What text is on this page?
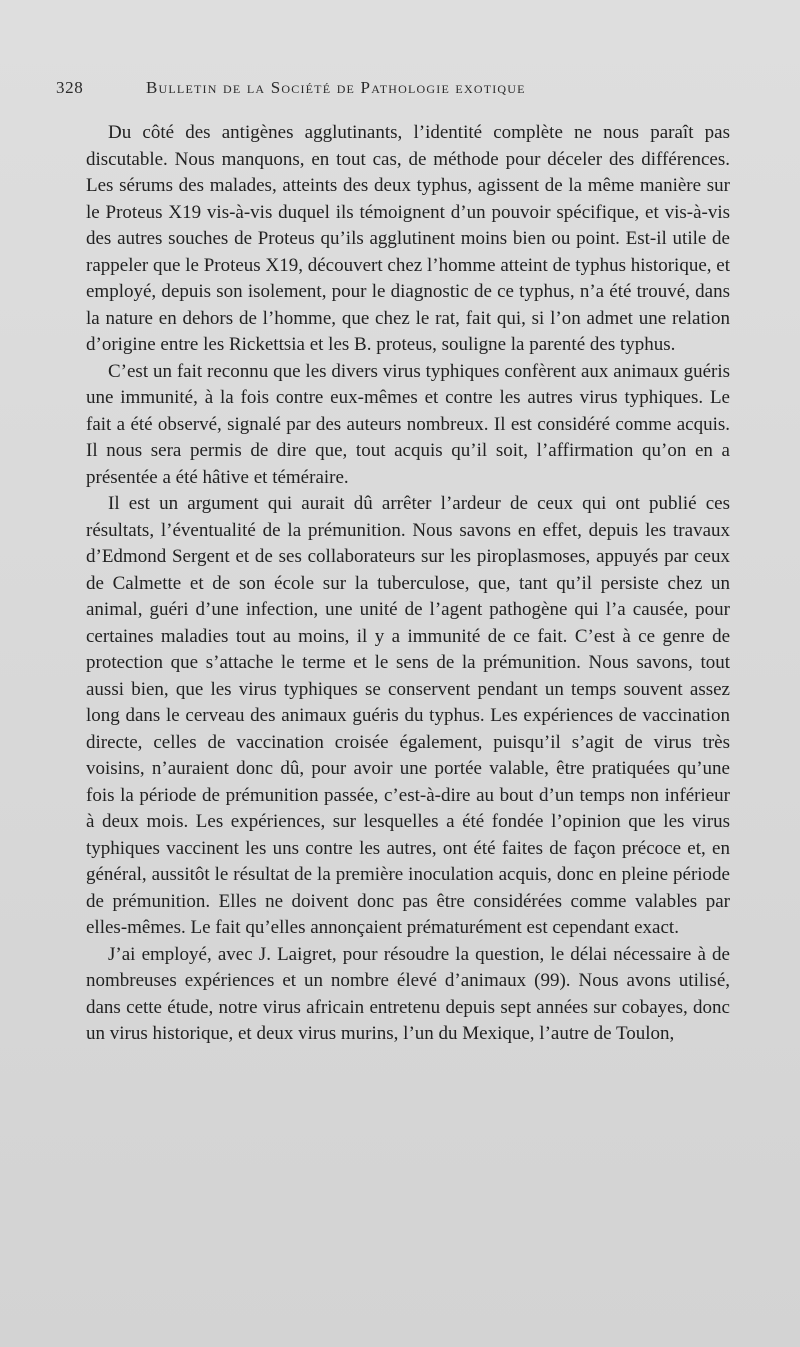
328	Bulletin de la Société de Pathologie exotique

Du côté des antigènes agglutinants, l’identité complète ne nous paraît pas discutable. Nous manquons, en tout cas, de méthode pour déceler des différences. Les sérums des malades, atteints des deux typhus, agissent de la même manière sur le Proteus X19 vis-à-vis duquel ils témoignent d’un pouvoir spécifique, et vis-à-vis des autres souches de Proteus qu’ils agglutinent moins bien ou point. Est-il utile de rappeler que le Proteus X19, découvert chez l’homme atteint de typhus historique, et employé, depuis son isolement, pour le diagnostic de ce typhus, n’a été trouvé, dans la nature en dehors de l’homme, que chez le rat, fait qui, si l’on admet une relation d’origine entre les Rickettsia et les B. proteus, souligne la parenté des typhus.

C’est un fait reconnu que les divers virus typhiques confèrent aux animaux guéris une immunité, à la fois contre eux-mêmes et contre les autres virus typhiques. Le fait a été observé, signalé par des auteurs nombreux. Il est considéré comme acquis. Il nous sera permis de dire que, tout acquis qu’il soit, l’affirmation qu’on en a présentée a été hâtive et téméraire.

Il est un argument qui aurait dû arrêter l’ardeur de ceux qui ont publié ces résultats, l’éventualité de la prémunition. Nous savons en effet, depuis les travaux d’Edmond Sergent et de ses collaborateurs sur les piroplasmoses, appuyés par ceux de Calmette et de son école sur la tuberculose, que, tant qu’il persiste chez un animal, guéri d’une infection, une unité de l’agent pathogène qui l’a causée, pour certaines maladies tout au moins, il y a immunité de ce fait. C’est à ce genre de protection que s’attache le terme et le sens de la prémunition. Nous savons, tout aussi bien, que les virus typhiques se conservent pendant un temps souvent assez long dans le cerveau des animaux guéris du typhus. Les expériences de vaccination directe, celles de vaccination croisée également, puisqu’il s’agit de virus très voisins, n’auraient donc dû, pour avoir une portée valable, être pratiquées qu’une fois la période de prémunition passée, c’est-à-dire au bout d’un temps non inférieur à deux mois. Les expériences, sur lesquelles a été fondée l’opinion que les virus typhiques vaccinent les uns contre les autres, ont été faites de façon précoce et, en général, aussitôt le résultat de la première inoculation acquis, donc en pleine période de prémunition. Elles ne doivent donc pas être considérées comme valables par elles-mêmes. Le fait qu’elles annonçaient prématurément est cependant exact.

J’ai employé, avec J. Laigret, pour résoudre la question, le délai nécessaire à de nombreuses expériences et un nombre élevé d’animaux (99). Nous avons utilisé, dans cette étude, notre virus africain entretenu depuis sept années sur cobayes, donc un virus historique, et deux virus murins, l’un du Mexique, l’autre de Toulon,
